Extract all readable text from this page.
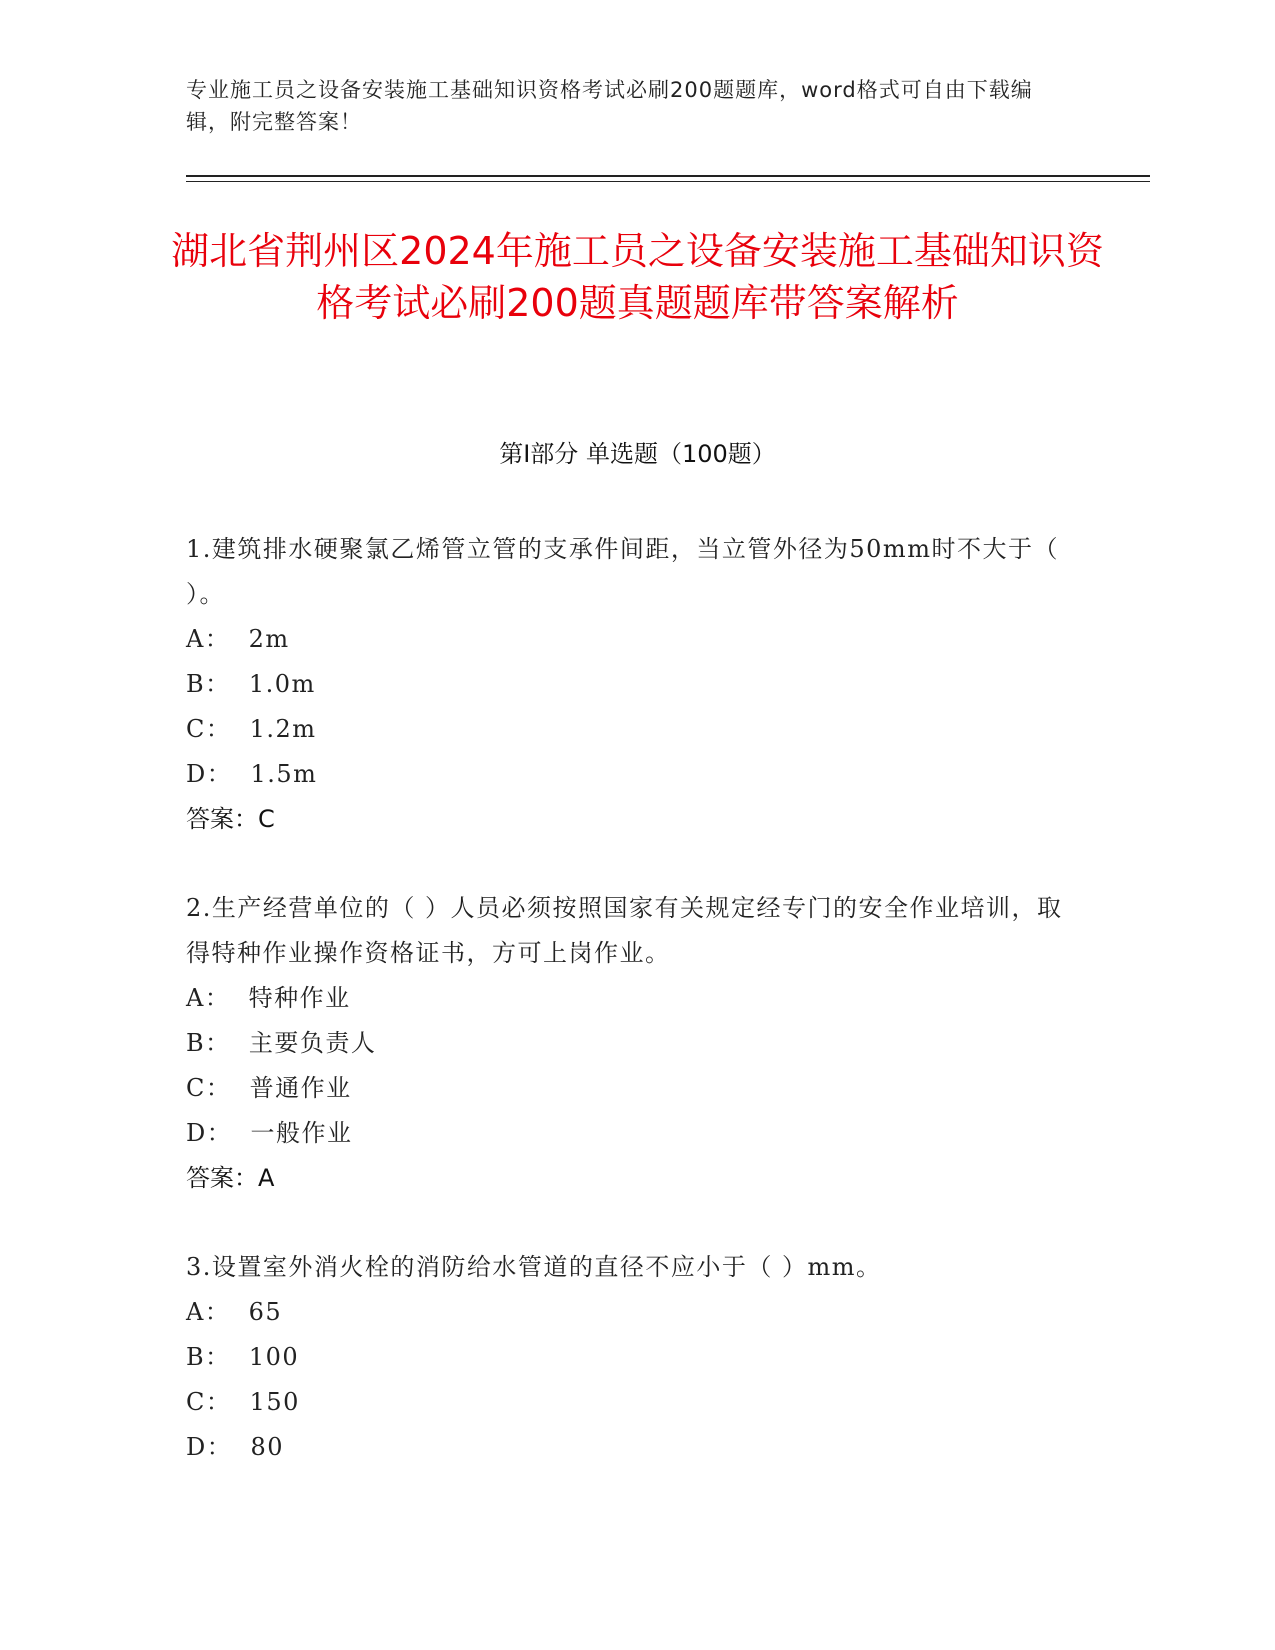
专业施工员之设备安装施工基础知识资格考试必刷200题题库，word格式可自由下载编辑，附完整答案！
湖北省荆州区2024年施工员之设备安装施工基础知识资格考试必刷200题真题题库带答案解析
第I部分 单选题（100题）

1.建筑排水硬聚氯乙烯管立管的支承件间距，当立管外径为50mm时不大于（ ）。

A：  2m

B：  1.0m

C：  1.2m

D：  1.5m

答案：C

2.生产经营单位的（ ）人员必须按照国家有关规定经专门的安全作业培训，取得特种作业操作资格证书，方可上岗作业。

A：  特种作业

B：  主要负责人

C：  普通作业

D：  一般作业

答案：A

3.设置室外消火栓的消防给水管道的直径不应小于（ ）mm。

A：  65

B：  100

C：  150

D：  80
